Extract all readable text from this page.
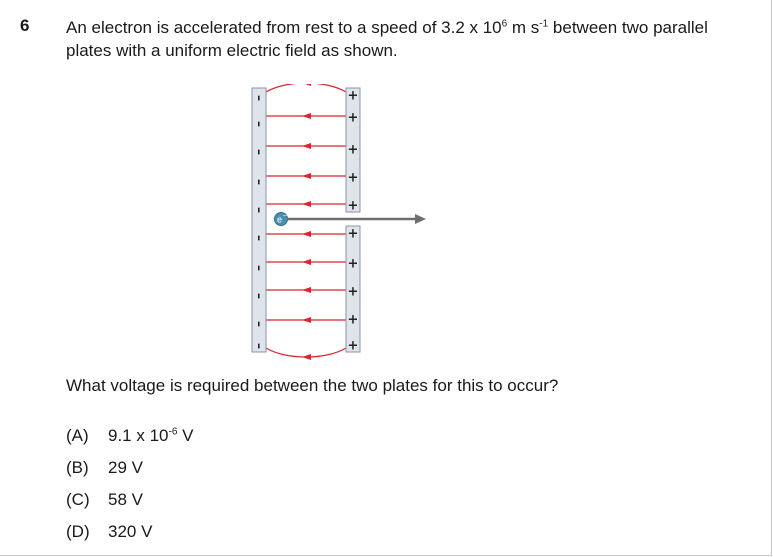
6 An electron is accelerated from rest to a speed of 3.2 x $10^6$ m $s^{-1}$ between two parallel plates with a uniform electric field as shown.
–
–
–
–
–
–
–
–
–
–
+
+
+
+
+
+
+
+
+
+
e –
What voltage is required between the two plates for this to occur?
(A) 9.1 x $10^{-6}$ V
(B) 29 V
(C) 58 V
(D) 320 V
